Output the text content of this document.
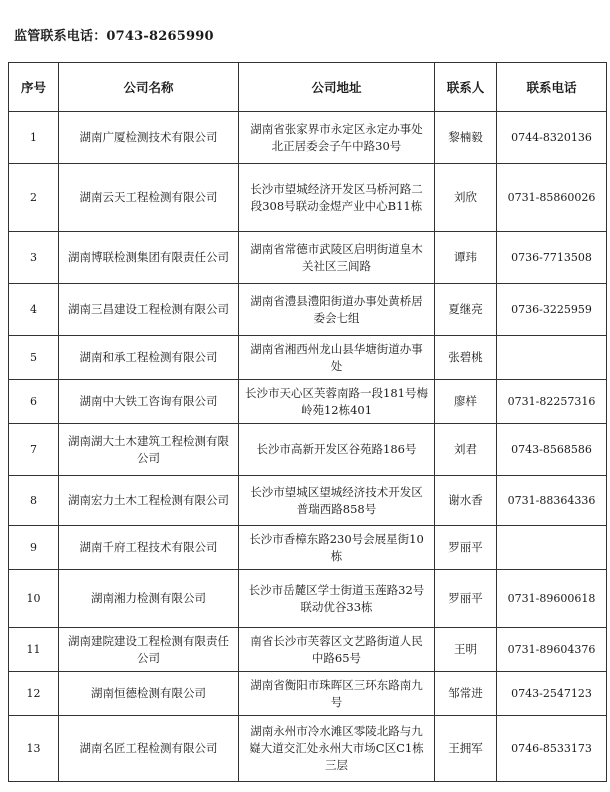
监管联系电话：0743-8265990
序号	公司名称	公司地址	联系人	联系电话
1	湖南广厦检测技术有限公司	湖南省张家界市永定区永定办事处北正居委会子午中路30号	黎楠毅	0744-8320136
2	湖南云天工程检测有限公司	长沙市望城经济开发区马桥河路二段308号联动金煜产业中心B11栋	刘欣	0731-85860026
3	湖南博联检测集团有限责任公司	湖南省常德市武陵区启明街道皇木关社区三闾路	谭玮	0736-7713508
4	湖南三昌建设工程检测有限公司	湖南省澧县澧阳街道办事处黄桥居委会七组	夏继亮	0736-3225959
5	湖南和承工程检测有限公司	湖南省湘西州龙山县华塘街道办事处	张碧桃	
6	湖南中大铁工咨询有限公司	长沙市天心区芙蓉南路一段181号梅岭苑12栋401	廖样	0731-82257316
7	湖南湖大土木建筑工程检测有限公司	长沙市高新开发区谷苑路186号	刘君	0743-8568586
8	湖南宏力土木工程检测有限公司	长沙市望城区望城经济技术开发区普瑞西路858号	谢水香	0731-88364336
9	湖南千府工程技术有限公司	长沙市香樟东路230号会展星街10栋	罗丽平	
10	湖南湘力检测有限公司	长沙市岳麓区学士街道玉莲路32号联动优谷33栋	罗丽平	0731-89600618
11	湖南建院建设工程检测有限责任公司	南省长沙市芙蓉区文艺路街道人民中路65号	王明	0731-89604376
12	湖南恒德检测有限公司	湖南省衡阳市珠晖区三环东路南九号	邹常进	0743-2547123
13	湖南名匠工程检测有限公司	湖南永州市冷水滩区零陵北路与九嶷大道交汇处永州大市场C区C1栋三层	王拥军	0746-8533173
